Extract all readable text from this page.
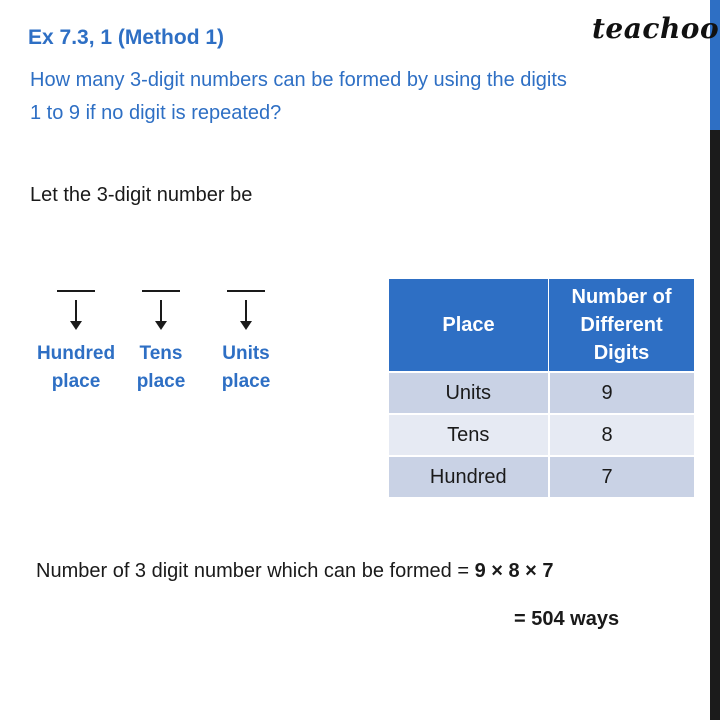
Ex 7.3, 1 (Method 1)	teachoo
How many 3-digit numbers can be formed by using the digits
1 to 9 if no digit is repeated?
Let the 3-digit number be
Hundred
place
Tens
place
Units
place
Place	Number of Different Digits
Units	9
Tens	8
Hundred	7
Number of 3 digit number which can be formed = 9 × 8 × 7
= 504 ways
